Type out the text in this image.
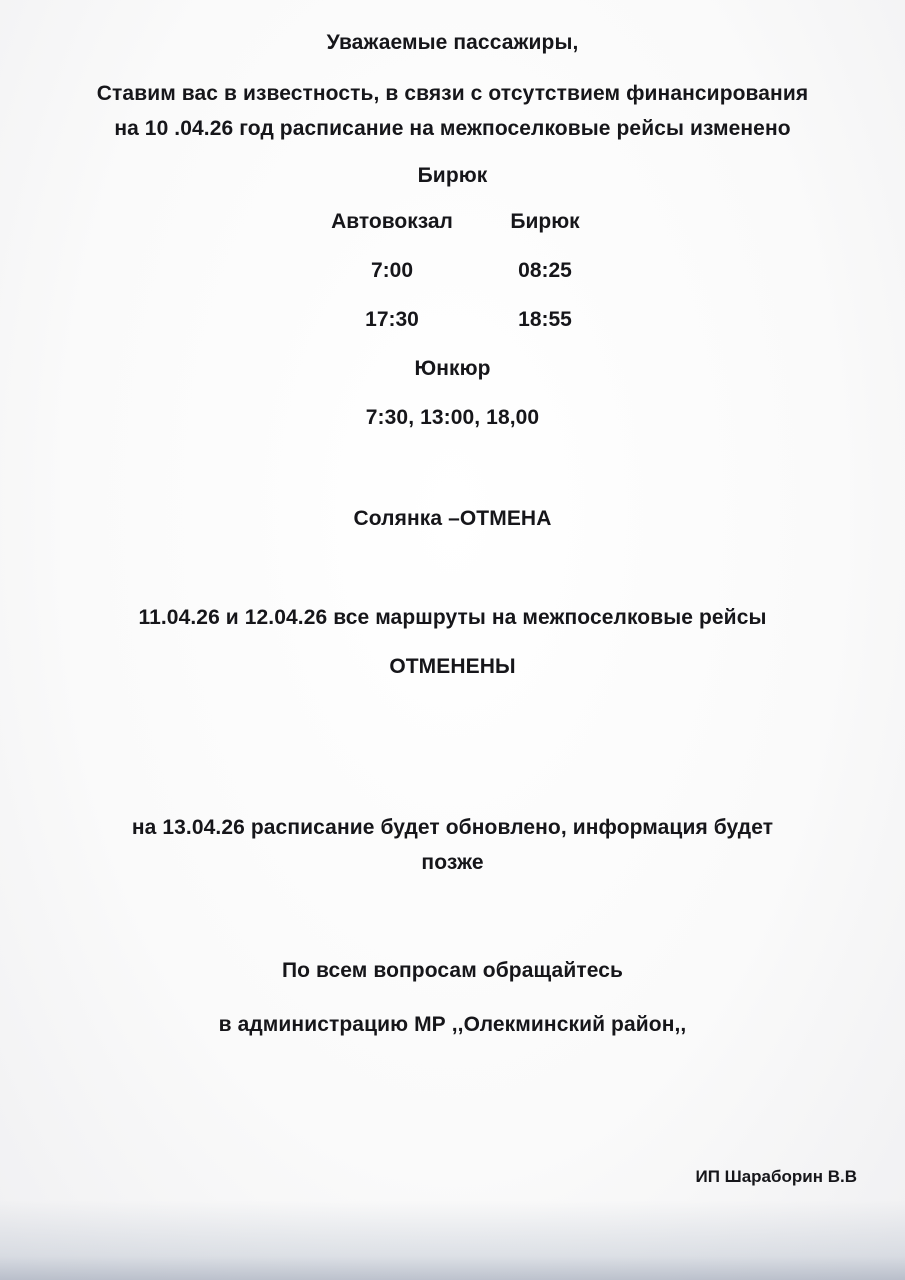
Уважаемые пассажиры,
Ставим вас в известность, в связи с отсутствием финансирования
на 10 .04.26 год расписание на межпоселковые рейсы изменено
Бирюк
Автовокзал	Бирюк
7:00	08:25
17:30	18:55
Юнкюр
7:30, 13:00, 18,00
Солянка –ОТМЕНА
11.04.26 и 12.04.26 все маршруты на межпоселковые рейсы
ОТМЕНЕНЫ
на 13.04.26 расписание будет обновлено, информация будет
позже
По всем вопросам обращайтесь
в администрацию МР ,,Олекминский район,,
ИП Шараборин В.В
